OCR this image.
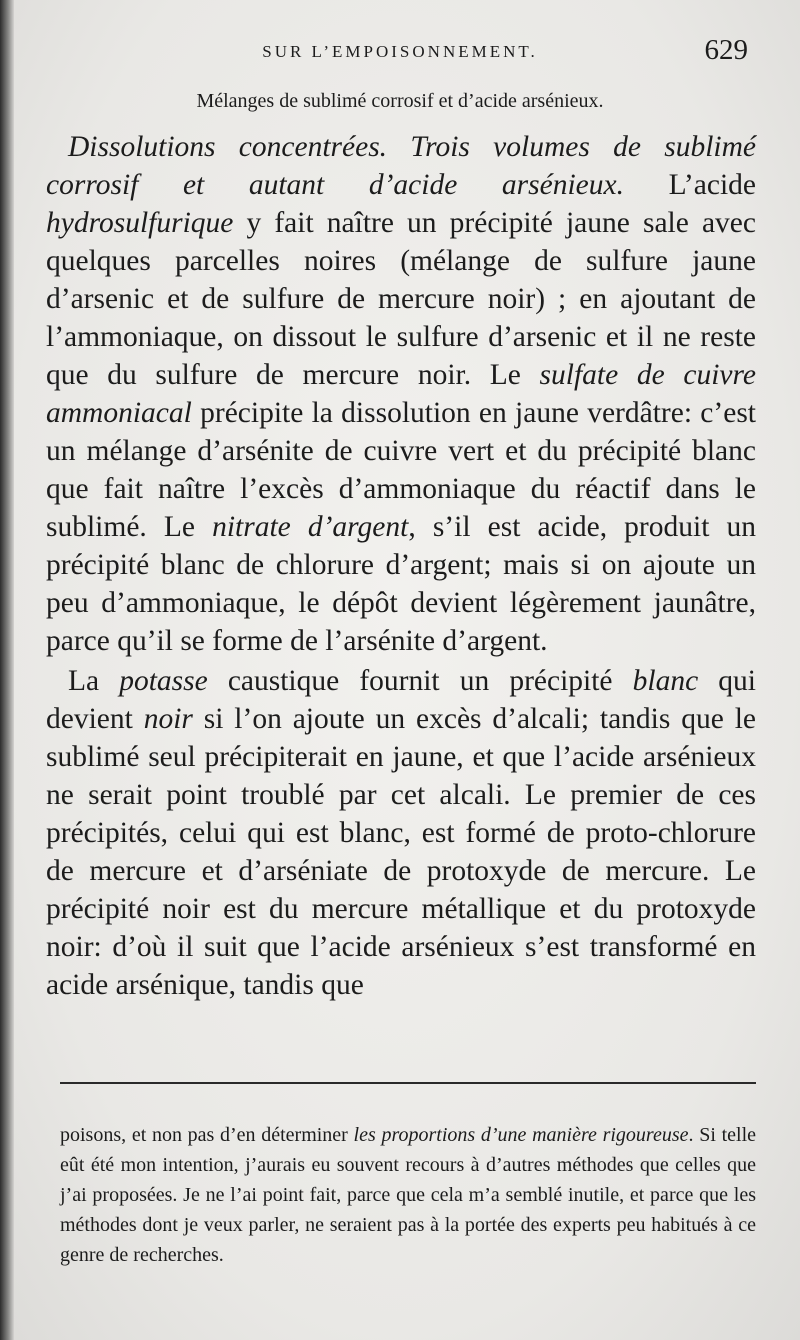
SUR L’EMPOISONNEMENT.	629
Mélanges de sublimé corrosif et d’acide arsénieux.

Dissolutions concentrées. Trois volumes de sublimé corrosif et autant d’acide arsénieux. L’acide hydrosulfurique y fait naître un précipité jaune sale avec quelques parcelles noires (mélange de sulfure jaune d’arsenic et de sulfure de mercure noir) ; en ajoutant de l’ammoniaque, on dissout le sulfure d’arsenic et il ne reste que du sulfure de mercure noir. Le sulfate de cuivre ammoniacal précipite la dissolution en jaune verdâtre: c’est un mélange d’arsénite de cuivre vert et du précipité blanc que fait naître l’excès d’ammoniaque du réactif dans le sublimé. Le nitrate d’argent, s’il est acide, produit un précipité blanc de chlorure d’argent; mais si on ajoute un peu d’ammoniaque, le dépôt devient légèrement jaunâtre, parce qu’il se forme de l’arsénite d’argent.

La potasse caustique fournit un précipité blanc qui devient noir si l’on ajoute un excès d’alcali; tandis que le sublimé seul précipiterait en jaune, et que l’acide arsénieux ne serait point troublé par cet alcali. Le premier de ces précipités, celui qui est blanc, est formé de proto-chlorure de mercure et d’arséniate de protoxyde de mercure. Le précipité noir est du mercure métallique et du protoxyde noir: d’où il suit que l’acide arsénieux s’est transformé en acide arsénique, tandis que

poisons, et non pas d’en déterminer les proportions d’une manière rigoureuse. Si telle eût été mon intention, j’aurais eu souvent recours à d’autres méthodes que celles que j’ai proposées. Je ne l’ai point fait, parce que cela m’a semblé inutile, et parce que les méthodes dont je veux parler, ne seraient pas à la portée des experts peu habitués à ce genre de recherches.
